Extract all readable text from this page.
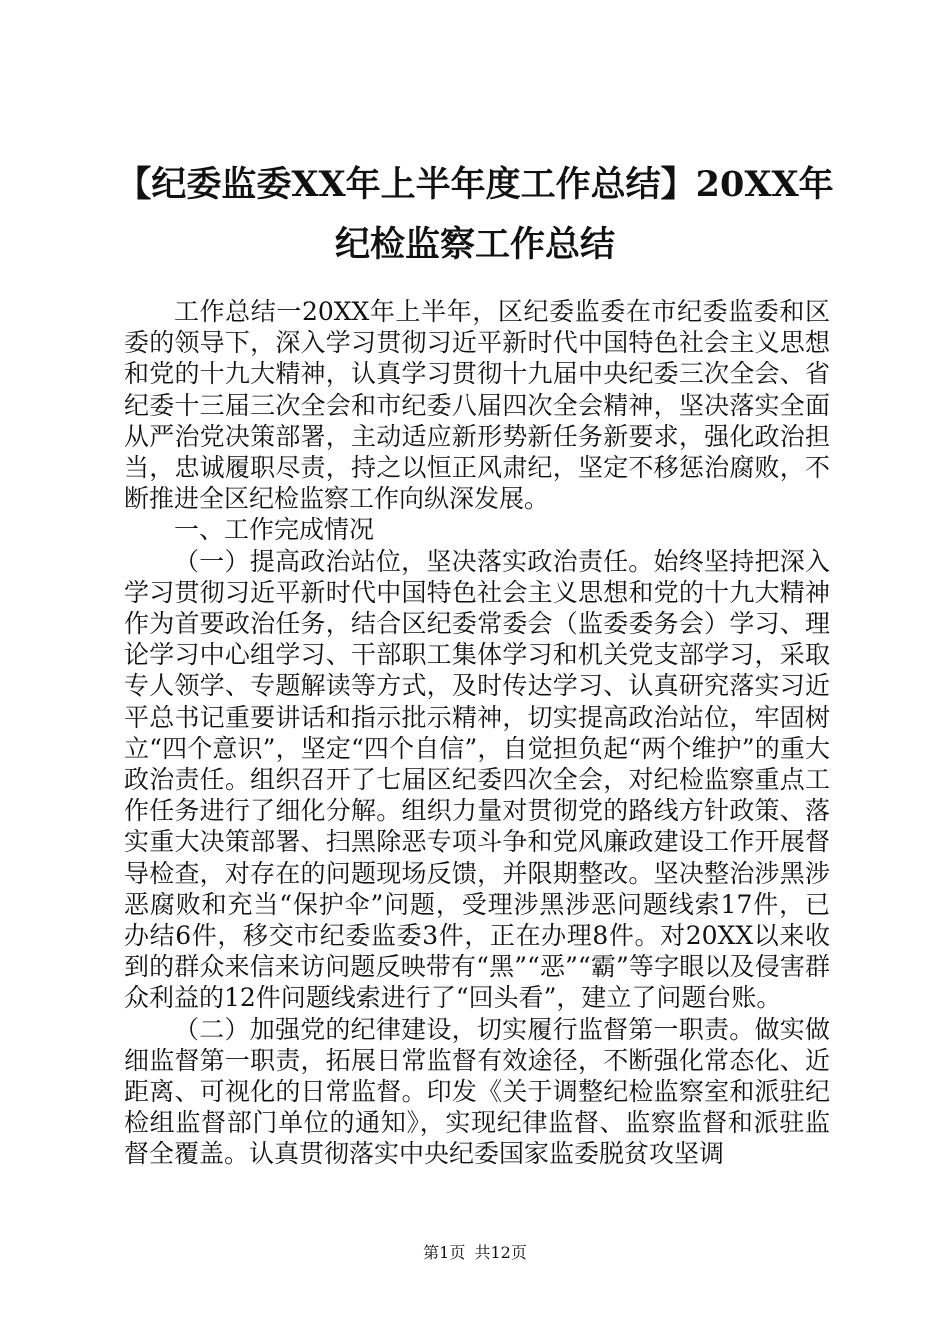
【纪委监委XX年上半年度工作总结】20XX年
纪检监察工作总结

工作总结一20XX年上半年，区纪委监委在市纪委监委和区委的领导下，深入学习贯彻习近平新时代中国特色社会主义思想和党的十九大精神，认真学习贯彻十九届中央纪委三次全会、省纪委十三届三次全会和市纪委八届四次全会精神，坚决落实全面从严治党决策部署，主动适应新形势新任务新要求，强化政治担当，忠诚履职尽责，持之以恒正风肃纪，坚定不移惩治腐败，不断推进全区纪检监察工作向纵深发展。

一、工作完成情况

（一）提高政治站位，坚决落实政治责任。始终坚持把深入学习贯彻习近平新时代中国特色社会主义思想和党的十九大精神作为首要政治任务，结合区纪委常委会（监委委务会）学习、理论学习中心组学习、干部职工集体学习和机关党支部学习，采取专人领学、专题解读等方式，及时传达学习、认真研究落实习近平总书记重要讲话和指示批示精神，切实提高政治站位，牢固树立“四个意识”，坚定“四个自信”，自觉担负起“两个维护”的重大政治责任。组织召开了七届区纪委四次全会，对纪检监察重点工作任务进行了细化分解。组织力量对贯彻党的路线方针政策、落实重大决策部署、扫黑除恶专项斗争和党风廉政建设工作开展督导检查，对存在的问题现场反馈，并限期整改。坚决整治涉黑涉恶腐败和充当“保护伞”问题，受理涉黑涉恶问题线索17件，已办结6件，移交市纪委监委3件，正在办理8件。对20XX以来收到的群众来信来访问题反映带有“黑”“恶”“霸”等字眼以及侵害群众利益的12件问题线索进行了“回头看”，建立了问题台账。

（二）加强党的纪律建设，切实履行监督第一职责。做实做细监督第一职责，拓展日常监督有效途径，不断强化常态化、近距离、可视化的日常监督。印发《关于调整纪检监察室和派驻纪检组监督部门单位的通知》，实现纪律监督、监察监督和派驻监督全覆盖。认真贯彻落实中央纪委国家监委脱贫攻坚调

第1页 共12页
